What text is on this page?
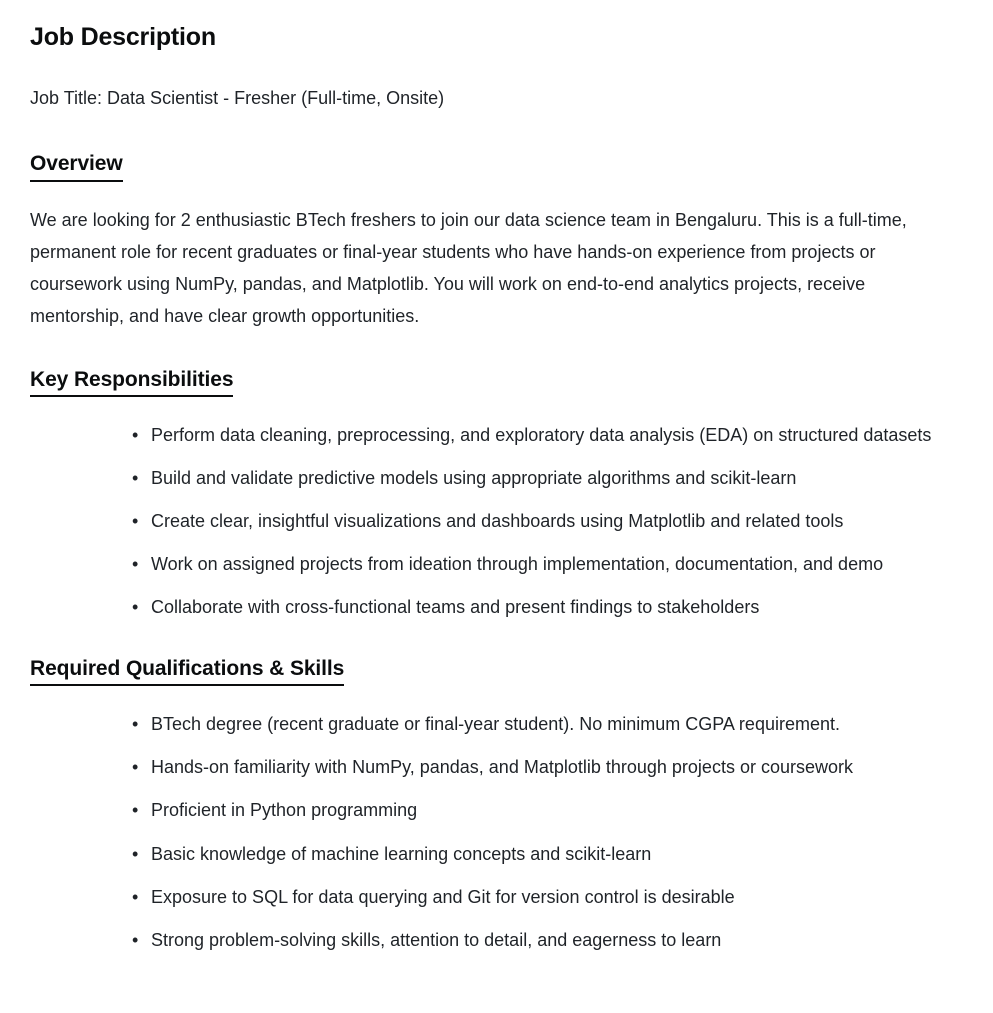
Job Description

Job Title: Data Scientist - Fresher (Full-time, Onsite)

Overview

We are looking for 2 enthusiastic BTech freshers to join our data science team in Bengaluru. This is a full-time, permanent role for recent graduates or final-year students who have hands-on experience from projects or coursework using NumPy, pandas, and Matplotlib. You will work on end-to-end analytics projects, receive mentorship, and have clear growth opportunities.

Key Responsibilities
• Perform data cleaning, preprocessing, and exploratory data analysis (EDA) on structured datasets
• Build and validate predictive models using appropriate algorithms and scikit-learn
• Create clear, insightful visualizations and dashboards using Matplotlib and related tools
• Work on assigned projects from ideation through implementation, documentation, and demo
• Collaborate with cross-functional teams and present findings to stakeholders
Required Qualifications & Skills
• BTech degree (recent graduate or final-year student). No minimum CGPA requirement.
• Hands-on familiarity with NumPy, pandas, and Matplotlib through projects or coursework
• Proficient in Python programming
• Basic knowledge of machine learning concepts and scikit-learn
• Exposure to SQL for data querying and Git for version control is desirable
• Strong problem-solving skills, attention to detail, and eagerness to learn
